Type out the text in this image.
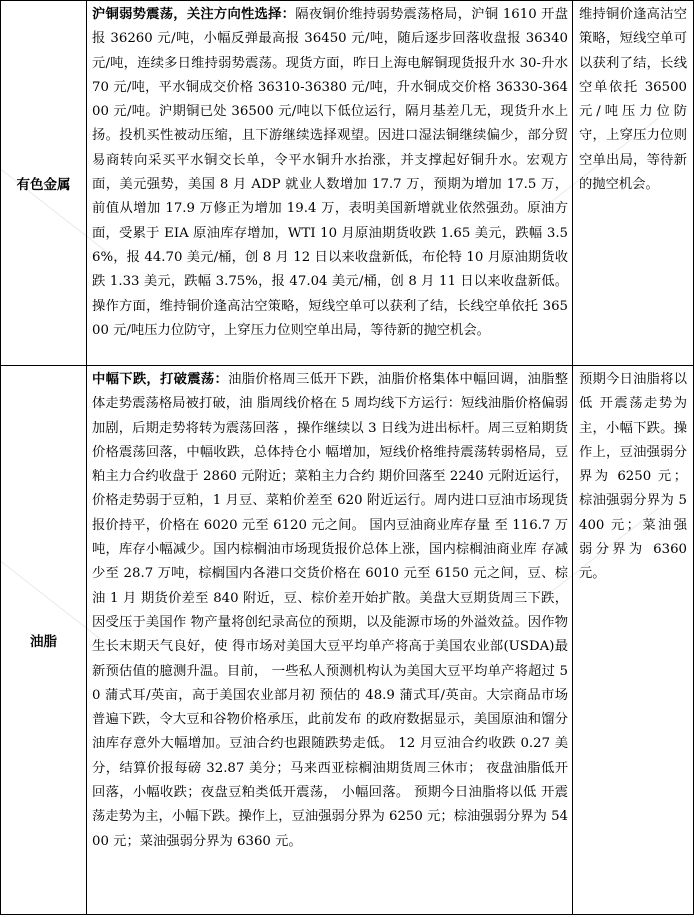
有色金属	沪铜弱势震荡，关注方向性选择：隔夜铜价维持弱势震荡格局，沪铜 1610 开盘报 36260 元/吨，小幅反弹最高报 36450 元/吨，随后逐步回落收盘报 36340 元/吨，连续多日维持弱势震荡。现货方面，昨日上海电解铜现货报升水 30-升水 70 元/吨，平水铜成交价格 36310-36380 元/吨，升水铜成交价格 36330-36400 元/吨。沪期铜已处 36500 元/吨以下低位运行，隔月基差几无，现货升水上扬。投机买性被动压缩，且下游继续选择观望。因进口湿法铜继续偏少，部分贸易商转向采买平水铜交长单，令平水铜升水抬涨，并支撑起好铜升水。宏观方面，美元强势，美国 8 月 ADP 就业人数增加 17.7 万，预期为增加 17.5 万，前值从增加 17.9 万修正为增加 19.4 万，表明美国新增就业依然强劲。原油方面，受累于 EIA 原油库存增加，WTI 10 月原油期货收跌 1.65 美元，跌幅 3.56%，报 44.70 美元/桶，创 8 月 12 日以来收盘新低，布伦特 10 月原油期货收跌 1.33 美元，跌幅 3.75%，报 47.04 美元/桶，创 8 月 11 日以来收盘新低。操作方面，维持铜价逢高沽空策略，短线空单可以获利了结，长线空单依托 36500 元/吨压力位防守，上穿压力位则空单出局，等待新的抛空机会。	维持铜价逢高沽空策略，短线空单可以获利了结，长线空单依托 36500 元/吨压力位防守，上穿压力位则空单出局，等待新的抛空机会。

油脂	中幅下跌，打破震荡：油脂价格周三低开下跌，油脂价格集体中幅回调，油脂整体走势震荡格局被打破，油 脂周线价格在 5 周均线下方运行：短线油脂价格偏弱加剧，后期走势将转为震荡回落 ，操作继续以 3 日线为进出标杆。周三豆粕期货价格震荡回落，中幅收跌，总体持仓小 幅增加，短线价格维持震荡转弱格局，豆粕主力合约收盘于 2860 元附近；菜粕主力合约 期价回落至 2240 元附近运行，价格走势弱于豆粕，1 月豆、菜粕价差至 620 附近运行。周内进口豆油市场现货报价持平，价格在 6020 元至 6120 元之间。 国内豆油商业库存量 至 116.7 万吨，库存小幅减少。国内棕榈油市场现货报价总体上涨，国内棕榈油商业库 存减少至 28.7 万吨，棕榈国内各港口交货价格在 6010 元至 6150 元之间，豆、棕油 1 月 期货价差至 840 附近，豆、棕价差开始扩散。美盘大豆期货周三下跌，因受压于美国作 物产量将创纪录高位的预期，以及能源市场的外溢效益。因作物生长末期天气良好，使 得市场对美国大豆平均单产将高于美国农业部(USDA)最新预估值的臆测升温。目前， 一些私人预测机构认为美国大豆平均单产将超过 50 蒲式耳/英亩，高于美国农业部月初 预估的 48.9 蒲式耳/英亩。大宗商品市场普遍下跌，令大豆和谷物价格承压，此前发布 的政府数据显示，美国原油和馏分油库存意外大幅增加。豆油合约也跟随跌势走低。 12 月豆油合约收跌 0.27 美分，结算价报每磅 32.87 美分；马来西亚棕榈油期货周三休市； 夜盘油脂低开回落，小幅收跌；夜盘豆粕类低开震荡， 小幅回落。 预期今日油脂将以低 开震荡走势为主，小幅下跌。操作上，豆油强弱分界为 6250 元；棕油强弱分界为 5400 元；菜油强弱分界为 6360 元。	预期今日油脂将以低 开震荡走势为主，小幅下跌。操作上，豆油强弱分界为 6250 元；棕油强弱分界为 5400 元；菜油强弱分界为 6360 元。
